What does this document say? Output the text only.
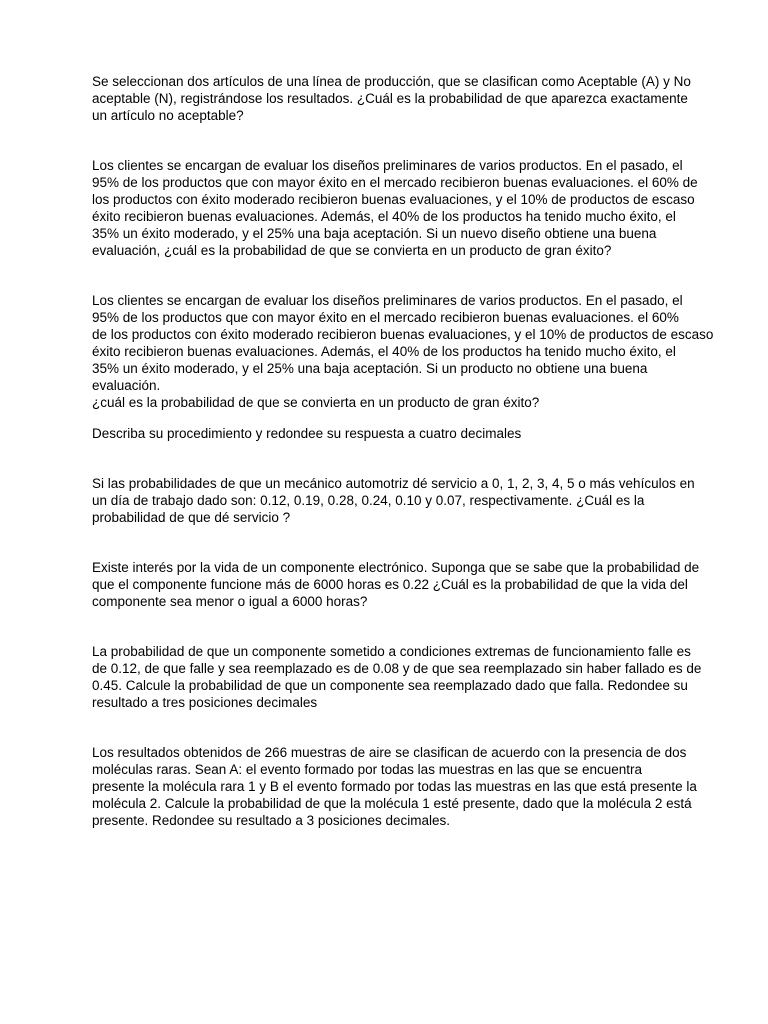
Se seleccionan dos artículos de una línea de producción, que se clasifican como Aceptable (A) y No
aceptable (N), registrándose los resultados. ¿Cuál es la probabilidad de que aparezca exactamente
un artículo no aceptable?

Los clientes se encargan de evaluar los diseños preliminares de varios productos. En el pasado, el
95% de los productos que con mayor éxito en el mercado recibieron buenas evaluaciones. el 60% de
los productos con éxito moderado recibieron buenas evaluaciones, y el 10% de productos de escaso
éxito recibieron buenas evaluaciones. Además, el 40% de los productos ha tenido mucho éxito, el
35% un éxito moderado, y el 25% una baja aceptación. Si un nuevo diseño obtiene una buena
evaluación, ¿cuál es la probabilidad de que se convierta en un producto de gran éxito?

Los clientes se encargan de evaluar los diseños preliminares de varios productos. En el pasado, el
95% de los productos que con mayor éxito en el mercado recibieron buenas evaluaciones. el 60%
de los productos con éxito moderado recibieron buenas evaluaciones, y el 10% de productos de escaso
éxito recibieron buenas evaluaciones. Además, el 40% de los productos ha tenido mucho éxito, el
35% un éxito moderado, y el 25% una baja aceptación. Si un producto no obtiene una buena
evaluación.
¿cuál es la probabilidad de que se convierta en un producto de gran éxito?

Describa su procedimiento y redondee su respuesta a cuatro decimales

Si las probabilidades de que un mecánico automotriz dé servicio a 0, 1, 2, 3, 4, 5 o más vehículos en
un día de trabajo dado son: 0.12, 0.19, 0.28, 0.24, 0.10 y 0.07, respectivamente. ¿Cuál es la
probabilidad de que dé servicio ?

Existe interés por la vida de un componente electrónico. Suponga que se sabe que la probabilidad de
que el componente funcione más de 6000 horas es 0.22 ¿Cuál es la probabilidad de que la vida del
componente sea menor o igual a 6000 horas?

La probabilidad de que un componente sometido a condiciones extremas de funcionamiento falle es
de 0.12, de que falle y sea reemplazado es de 0.08 y de que sea reemplazado sin haber fallado es de
0.45. Calcule la probabilidad de que un componente sea reemplazado dado que falla. Redondee su
resultado a tres posiciones decimales

Los resultados obtenidos de 266 muestras de aire se clasifican de acuerdo con la presencia de dos
moléculas raras. Sean A: el evento formado por todas las muestras en las que se encuentra
presente la molécula rara 1 y B el evento formado por todas las muestras en las que está presente la
molécula 2. Calcule la probabilidad de que la molécula 1 esté presente, dado que la molécula 2 está
presente. Redondee su resultado a 3 posiciones decimales.
